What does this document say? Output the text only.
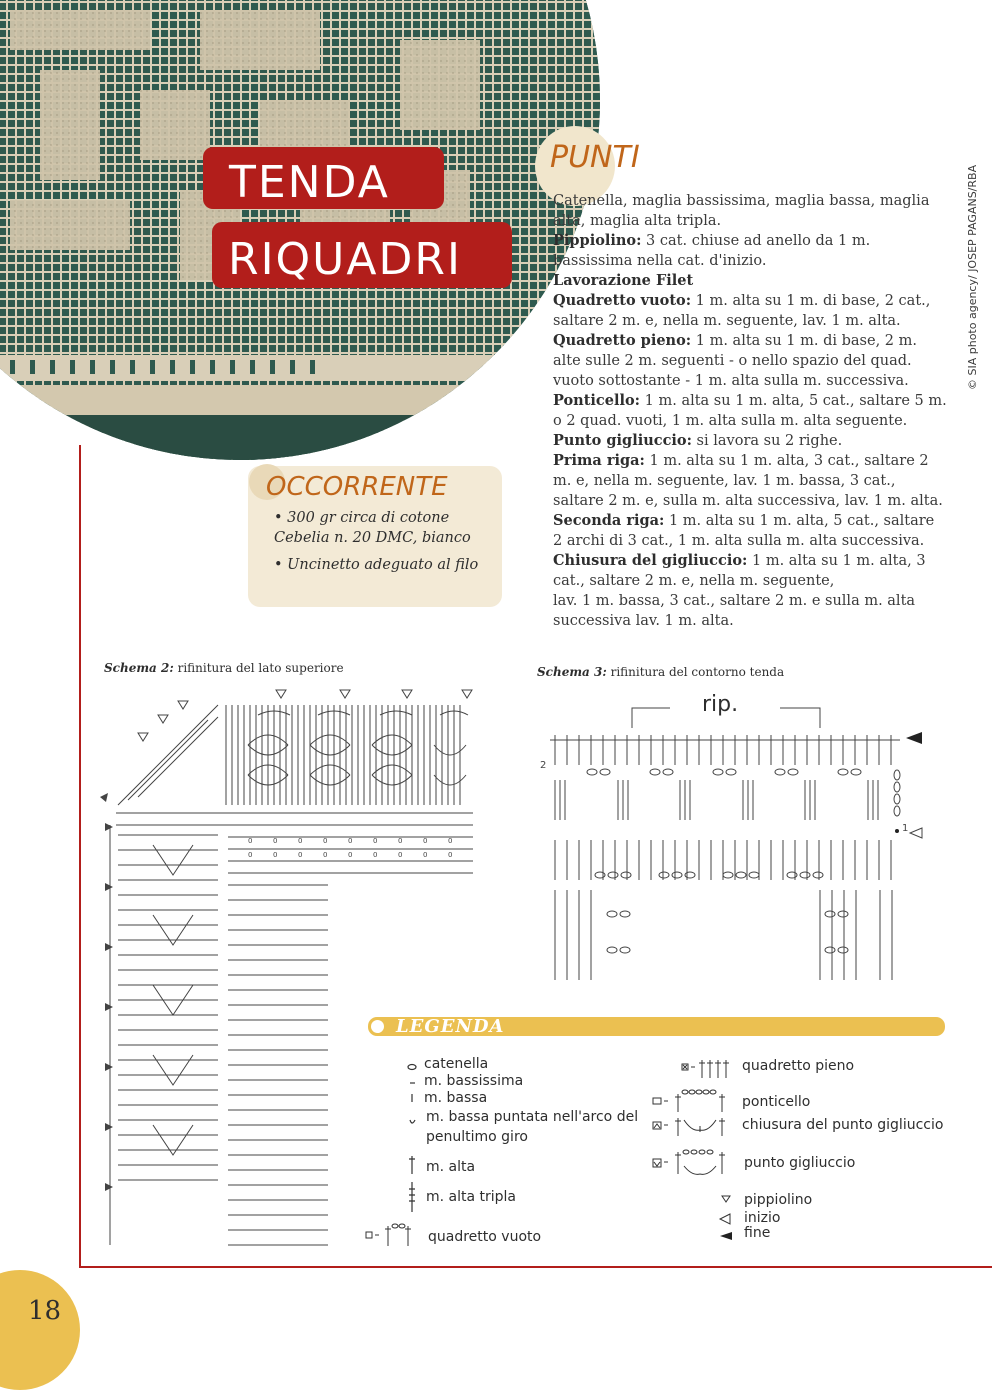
TENDA
RIQUADRI
PUNTI

Catenella, maglia bassissima, maglia bassa, maglia alta, maglia alta tripla.

Pippiolino: 3 cat. chiuse ad anello da 1 m. bassissima nella cat. d'inizio.

Lavorazione Filet

Quadretto vuoto: 1 m. alta su 1 m. di base, 2 cat., saltare 2 m. e, nella m. seguente, lav. 1 m. alta.

Quadretto pieno: 1 m. alta su 1 m. di base, 2 m. alte sulle 2 m. seguenti - o nello spazio del quad. vuoto sottostante - 1 m. alta sulla m. successiva.

Ponticello: 1 m. alta su 1 m. alta, 5 cat., saltare 5 m. o 2 quad. vuoti, 1 m. alta sulla m. alta seguente.

Punto gigliuccio: si lavora su 2 righe.

Prima riga: 1 m. alta su 1 m. alta, 3 cat., saltare 2 m. e, nella m. seguente, lav. 1 m. bassa, 3 cat., saltare 2 m. e, sulla m. alta successiva, lav. 1 m. alta.

Seconda riga: 1 m. alta su 1 m. alta, 5 cat., saltare 2 archi di 3 cat., 1 m. alta sulla m. alta successiva.

Chiusura del gigliuccio: 1 m. alta su 1 m. alta, 3 cat., saltare 2 m. e, nella m. seguente,

lav. 1 m. bassa, 3 cat., saltare 2 m. e sulla m. alta successiva lav. 1 m. alta.

OCCORRENTE

• 300 gr circa di cotone Cebelia n. 20 DMC, bianco

• Uncinetto adeguato al filo

© SIA photo agency/ JOSEP PAGANS/RBA
Schema 2: rifinitura del lato superiore	Schema 3: rifinitura del contorno tenda
0	0	0	0	0	0	0	0	0
0	0	0	0	0	0	0	0	0
rip.
2
1
LEGENDA
catenella
m. bassissima
m. bassa
m. bassa puntata nell'arco del
penultimo giro
m. alta
m. alta tripla
quadretto vuoto
quadretto pieno
ponticello
chiusura del punto gigliuccio
punto gigliuccio
pippiolino
inizio
fine
18
